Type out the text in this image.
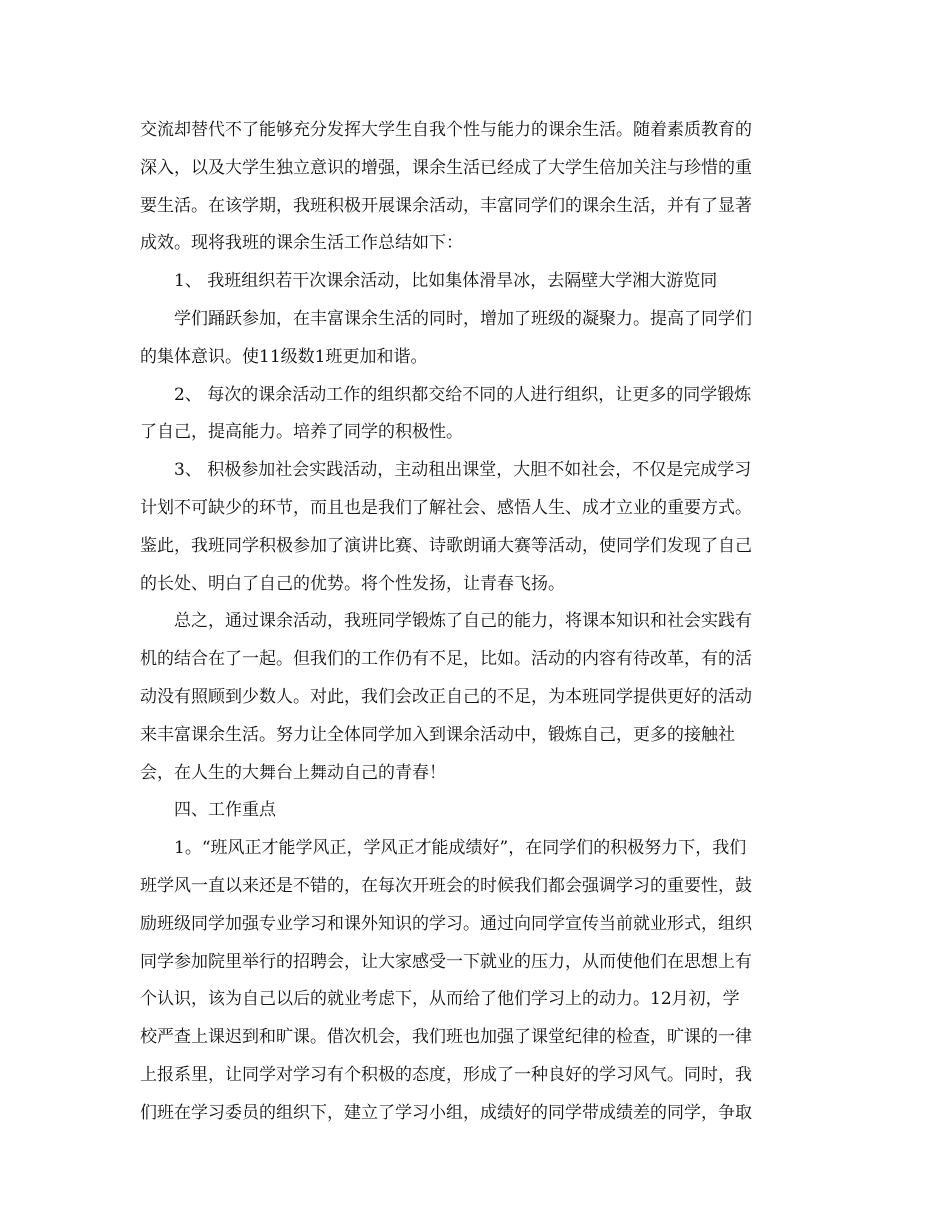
交流却替代不了能够充分发挥大学生自我个性与能力的课余生活。随着素质教育的
深入，以及大学生独立意识的增强，课余生活已经成了大学生倍加关注与珍惜的重
要生活。在该学期，我班积极开展课余活动，丰富同学们的课余生活，并有了显著
成效。现将我班的课余生活工作总结如下：
1、 我班组织若干次课余活动，比如集体滑旱冰，去隔壁大学湘大游览同
学们踊跃参加，在丰富课余生活的同时，增加了班级的凝聚力。提高了同学们
的集体意识。使11级数1班更加和谐。
2、 每次的课余活动工作的组织都交给不同的人进行组织，让更多的同学锻炼
了自己，提高能力。培养了同学的积极性。
3、 积极参加社会实践活动，主动租出课堂，大胆不如社会，不仅是完成学习
计划不可缺少的环节，而且也是我们了解社会、感悟人生、成才立业的重要方式。
鉴此，我班同学积极参加了演讲比赛、诗歌朗诵大赛等活动，使同学们发现了自己
的长处、明白了自己的优势。将个性发扬，让青春飞扬。
总之，通过课余活动，我班同学锻炼了自己的能力，将课本知识和社会实践有
机的结合在了一起。但我们的工作仍有不足，比如。活动的内容有待改革，有的活
动没有照顾到少数人。对此，我们会改正自己的不足，为本班同学提供更好的活动
来丰富课余生活。努力让全体同学加入到课余活动中，锻炼自己，更多的接触社
会，在人生的大舞台上舞动自己的青春！
四、工作重点
1。“班风正才能学风正，学风正才能成绩好”，在同学们的积极努力下，我们
班学风一直以来还是不错的，在每次开班会的时候我们都会强调学习的重要性，鼓
励班级同学加强专业学习和课外知识的学习。通过向同学宣传当前就业形式，组织
同学参加院里举行的招聘会，让大家感受一下就业的压力，从而使他们在思想上有
个认识，该为自己以后的就业考虑下，从而给了他们学习上的动力。12月初，学
校严查上课迟到和旷课。借次机会，我们班也加强了课堂纪律的检查，旷课的一律
上报系里，让同学对学习有个积极的态度，形成了一种良好的学习风气。同时，我
们班在学习委员的组织下，建立了学习小组，成绩好的同学带成绩差的同学，争取
